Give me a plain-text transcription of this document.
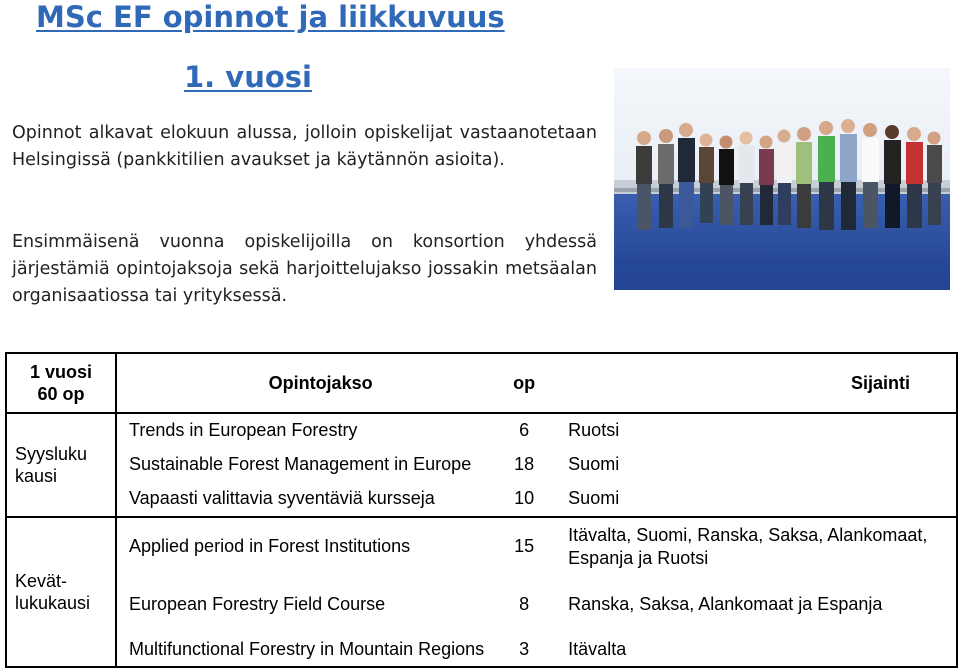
MSc EF opinnot ja liikkuvuus
1. vuosi

Opinnot alkavat elokuun alussa, jolloin opiskelijat vastaanotetaan Helsingissä (pankkitilien avaukset ja käytännön asioita).

Ensimmäisenä vuonna opiskelijoilla on konsortion yhdessä järjestämiä opintojaksoja sekä harjoittelujakso jossakin metsäalan organisaatiossa tai yrityksessä.

1 vuosi
60 op	Opintojakso	op	Sijainti

Syyslukukausi	Trends in European Forestry	6	Ruotsi
	Sustainable Forest Management in Europe	18	Suomi
	Vapaasti valittavia syventäviä kursseja	10	Suomi

Kevät-lukukausi	Applied period in Forest Institutions	15	Itävalta, Suomi, Ranska, Saksa, Alankomaat, Espanja ja Ruotsi
	European Forestry Field Course	8	Ranska, Saksa, Alankomaat ja Espanja
	Multifunctional Forestry in Mountain Regions	3	Itävalta
